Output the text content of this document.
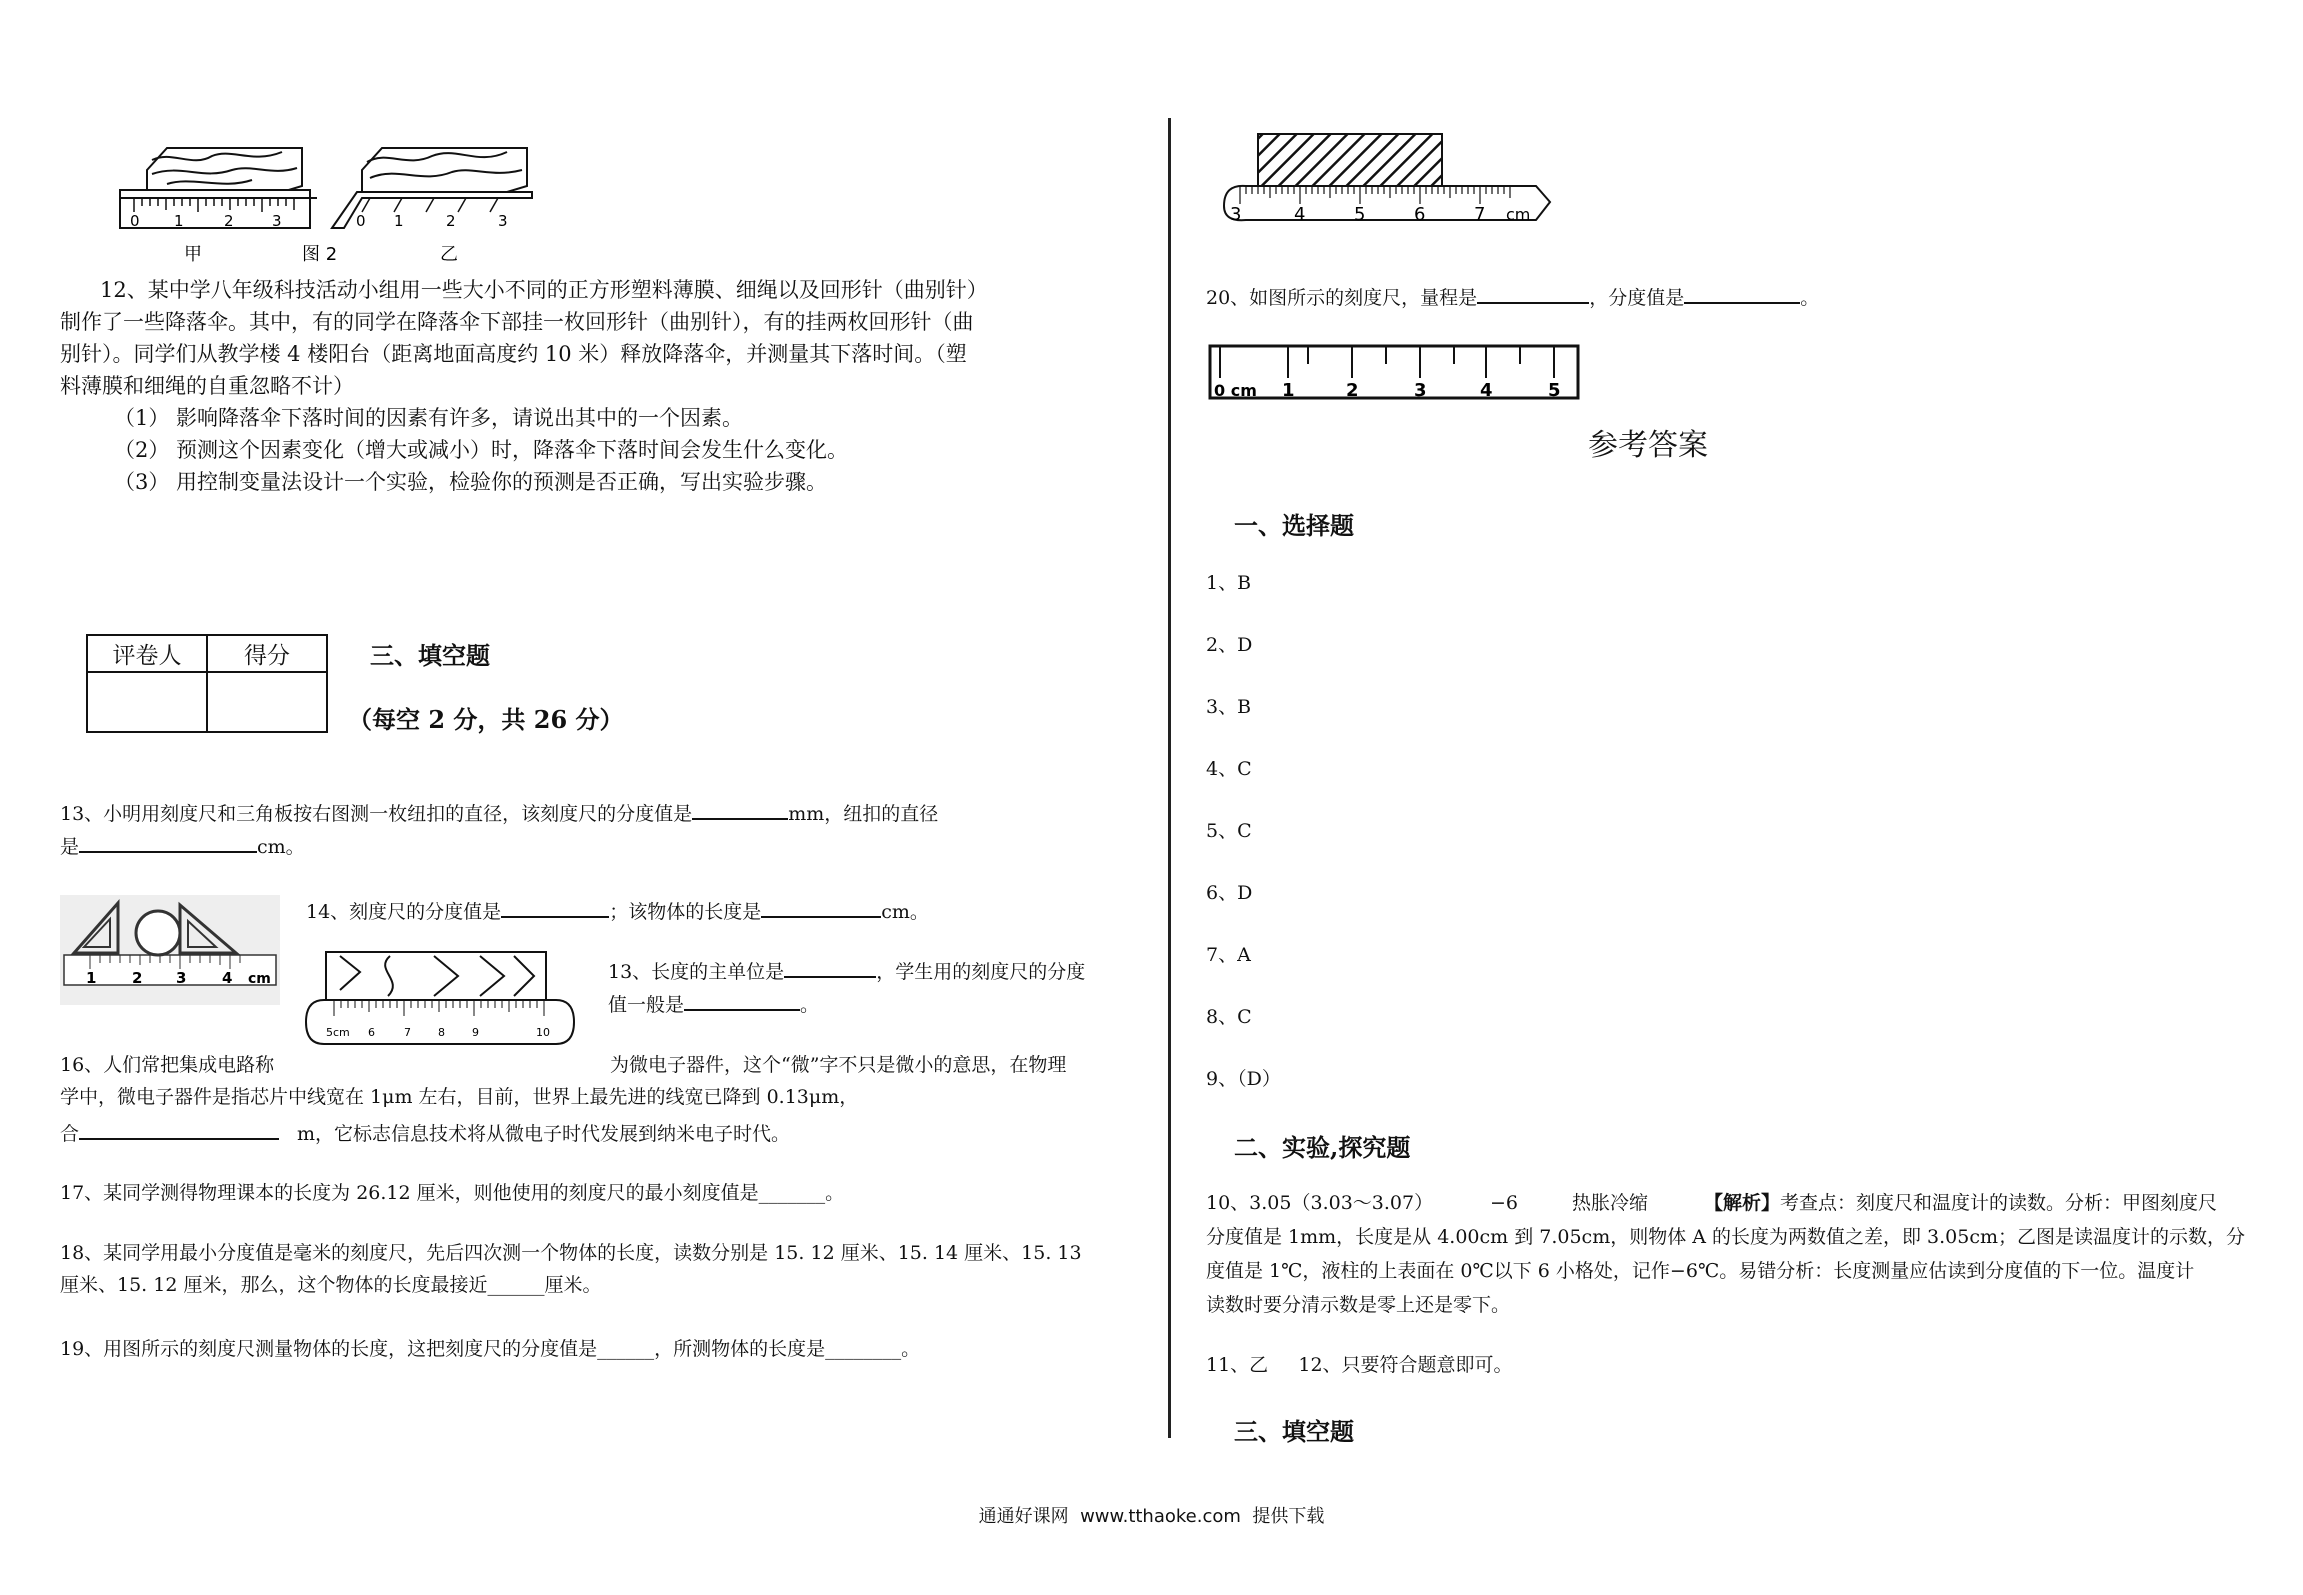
0 1	2	3	0 1	2	3
甲	图 2	乙
12、某中学八年级科技活动小组用一些大小不同的正方形塑料薄膜、细绳以及回形针（曲别针）
制作了一些降落伞。其中，有的同学在降落伞下部挂一枚回形针（曲别针），有的挂两枚回形针（曲
别针）。同学们从教学楼 4 楼阳台（距离地面高度约 10 米）释放降落伞，并测量其下落时间。（塑
料薄膜和细绳的自重忽略不计）
（1） 影响降落伞下落时间的因素有许多，请说出其中的一个因素。
（2） 预测这个因素变化（增大或减小）时，降落伞下落时间会发生什么变化。
（3） 用控制变量法设计一个实验，检验你的预测是否正确，写出实验步骤。
评卷人	得分
		三、填空题
（每空 2 分，共 26 分）
13、小明用刻度尺和三角板按右图测一枚纽扣的直径，该刻度尺的分度值是	mm，纽扣的直径
是	cm。
1 2 3 4 cm
14、刻度尺的分度值是	；该物体的长度是	cm。
5cm 6	7 8 9	10
13、长度的主单位是	，学生用的刻度尺的分度
值一般是	。
16、人们常把集成电路称	为微电子器件，这个“微”字不只是微小的意思，在物理
学中，微电子器件是指芯片中线宽在 1μm 左右，目前，世界上最先进的线宽已降到 0.13μm，
合	m，它标志信息技术将从微电子时代发展到纳米电子时代。
17、某同学测得物理课本的长度为 26.12 厘米，则他使用的刻度尺的最小刻度值是_______。
18、某同学用最小分度值是毫米的刻度尺，先后四次测一个物体的长度，读数分别是 15. 12 厘米、15. 14 厘米、15. 13
厘米、15. 12 厘米，那么，这个物体的长度最接近______厘米。
19、用图所示的刻度尺测量物体的长度，这把刻度尺的分度值是______，所测物体的长度是________。
3	4	5	6	7 cm
20、如图所示的刻度尺，量程是	，分度值是	。
0 cm 1	2	3	4	5
参考答案
一、选择题
1、B
2、D
3、B
4、C
5、C
6、D
7、A
8、C
9、（D）
二、实验,探究题
10、3.05（3.03～3.07）	−6	热胀冷缩	【解析】 考查点：刻度尺和温度计的读数。分析：甲图刻度尺
分度值是 1mm，长度是从 4.00cm 到 7.05cm，则物体 A 的长度为两数值之差，即 3.05cm；乙图是读温度计的示数，分
度值是 1℃，液柱的上表面在 0℃以下 6 小格处，记作−6℃。易错分析：长度测量应估读到分度值的下一位。温度计
读数时要分清示数是零上还是零下。
11、乙     12、只要符合题意即可。
三、填空题
通通好课网  www.tthaoke.com  提供下载
